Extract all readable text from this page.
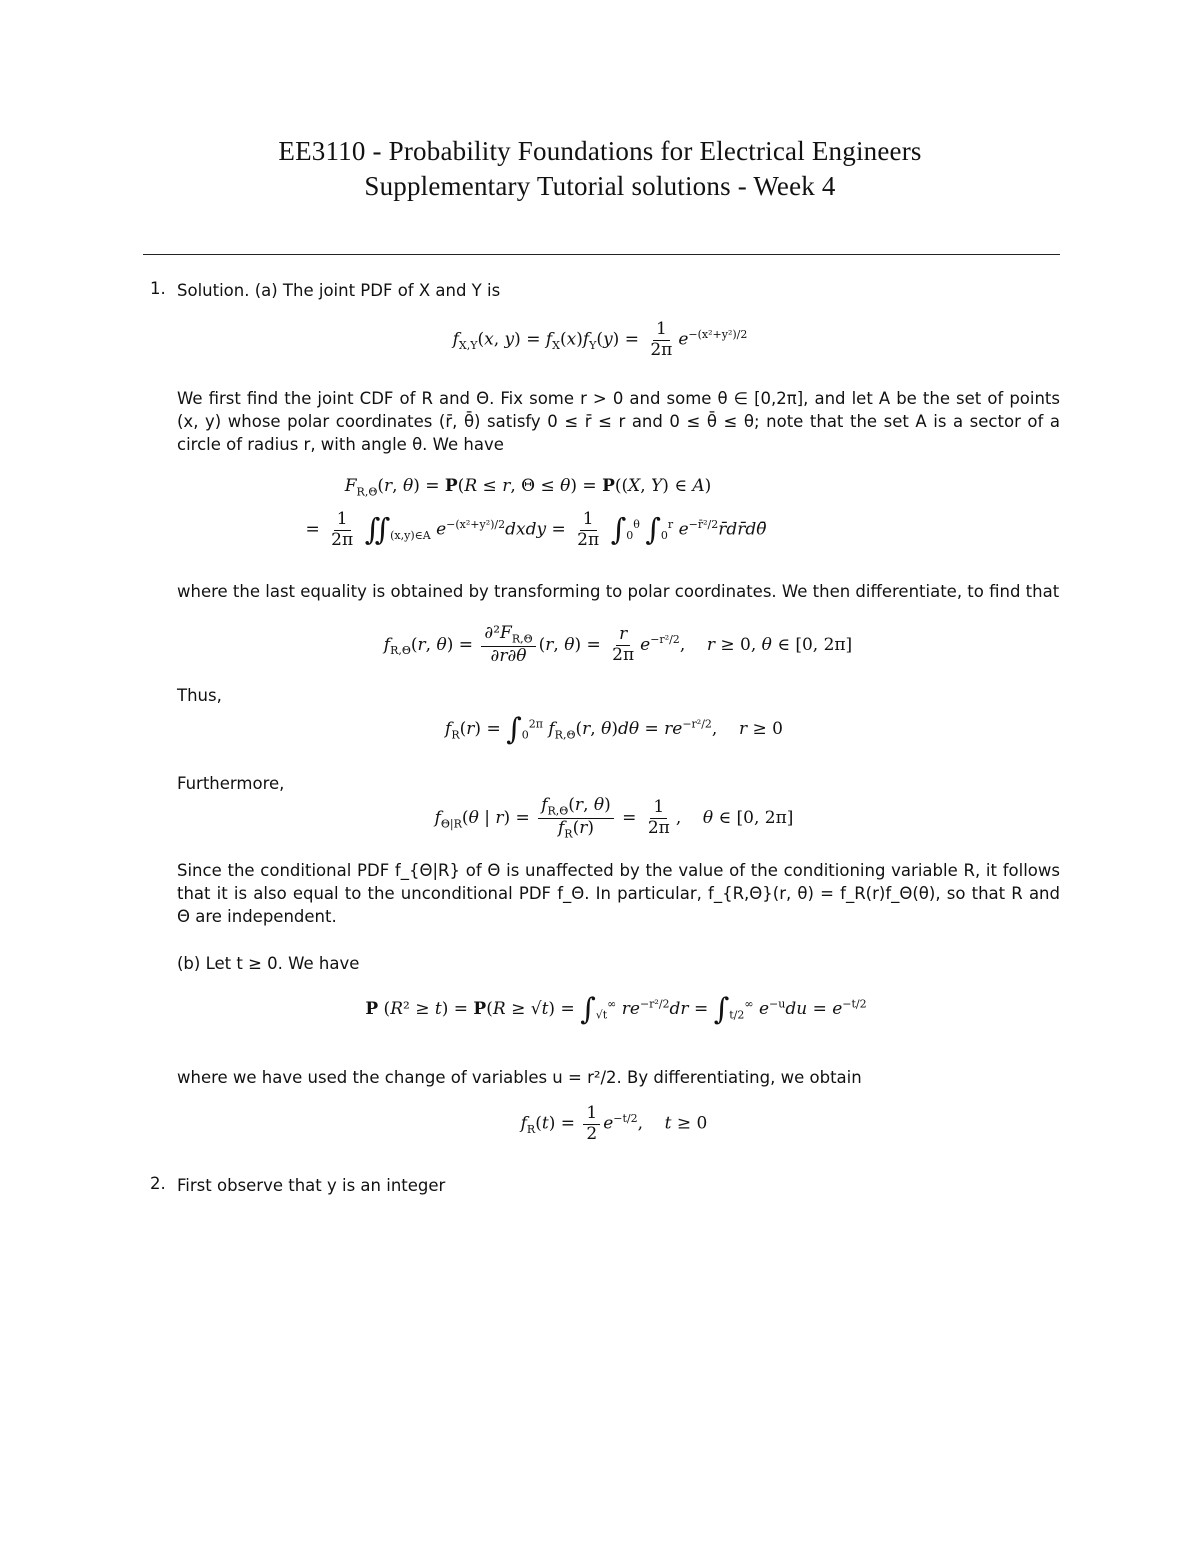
EE3110 - Probability Foundations for Electrical Engineers
Supplementary Tutorial solutions - Week 4
1. Solution. (a) The joint PDF of X and Y is
$f_{X,Y}(x$, $y) = f_X(x)f_Y(y) = \frac{1}{2\pi} e^{-(x^2+y^2)/2}$
We first find the joint CDF of R and Θ. Fix some r > 0 and some θ ∈ [0,2π], and let A be the set of points (x, y) whose polar coordinates (r̄, θ̄) satisfy 0 ≤ r̄ ≤ r and 0 ≤ θ̄ ≤ θ; note that the set A is a sector of a circle of radius r, with angle θ. We have
$F_{R,\Theta}(r$, θ) = P(R ≤ r, Θ ≤ θ) = P((X, Y) ∈ A)
= $\frac{1}{2\pi}$ $∬_{(x,y)\in A}$ $e^{-(x^2+y^2)/2}dxdy = \frac{1}{2\pi} \int_0^\theta$ $\int_0^r$ $e^{-r̄^2/2}r̄dr̄d\thetā$
where the last equality is obtained by transforming to polar coordinates. We then differentiate, to find that
$f_{R,\Theta}(r$, $\theta) = \frac{\partial^2F_{R,\Theta}}{\partial r\partial\theta} (r$, $\theta) = \frac{r}{2\pi} e^{-r^2/2}$,    r ≥ 0, θ ∈ [0, 2π]
Thus,
$f_R(r) = \int_0^{2\pi}$ $f_{R,\Theta}(r$, $\theta)d\theta = re^{-r^2/2}$,    r ≥ 0
Furthermore,
$f_{\Theta|R}(\theta$ | $r) = \frac{f_{R,\Theta}(r, \theta)}{f_R(r)} = \frac{1}{2\pi}$ ,    θ ∈ [0, 2π]
Since the conditional PDF f_{Θ|R} of Θ is unaffected by the value of the conditioning variable R, it follows that it is also equal to the unconditional PDF f_Θ. In particular, f_{R,Θ}(r, θ) = f_R(r)f_Θ(θ), so that R and Θ are independent.
(b) Let t ≥ 0. We have
P $(R^2 \ge t) = P(R \ge √t) = \int_{√t}^\infty$ $re^{-r^2/2}dr = \int_{t/2}^\infty$ $e^{-u}du = e^{-t/2}$
where we have used the change of variables u = r²/2. By differentiating, we obtain
$f_R(t) = \frac{1}{2} e^{-t/2}$,    t ≥ 0
2. First observe that y is an integer
